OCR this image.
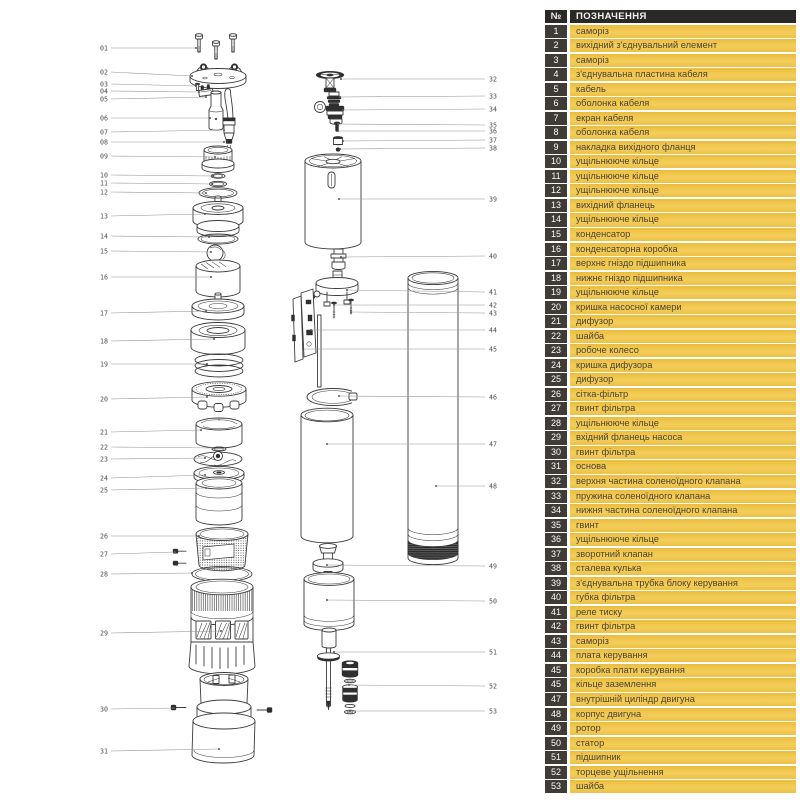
01
02
03
04
05
06
07
08
09
10
11
12
13
14
15
16
17
18
19
20
21
22
23
24
25
26
27
28
29
30
31
32
33
34
35
36
37
38
39
40
41
42
43
44
45
46
47
48
49
50
51
52
53
№	ПОЗНАЧЕННЯ
1	саморіз
2	вихідний з'єднувальний елемент
3	саморіз
4	з'єднувальна пластина кабеля
5	кабель
6	оболонка кабеля
7	екран кабеля
8	оболонка кабеля
9	накладка вихідного фланця
10	ущільнююче кільце
11	ущільнююче кільце
12	ущільнююче кільце
13	вихідний фланець
14	ущільнююче кільце
15	конденсатор
16	конденсаторна коробка
17	верхнє гніздо підшипника
18	нижнє гніздо підшипника
19	ущільнююче кільце
20	кришка насосної камери
21	дифузор
22	шайба
23	робоче колесо
24	кришка дифузора
25	дифузор
26	сітка-фільтр
27	гвинт фільтра
28	ущільнююче кільце
29	вхідний фланець насоса
30	гвинт фільтра
31	основа
32	верхня частина соленоїдного клапана
33	пружина соленоїдного клапана
34	нижня частина соленоїдного клапана
35	гвинт
36	ущільнююче кільце
37	зворотний клапан
38	сталева кулька
39	з'єднувальна трубка блоку керування
40	губка фільтра
41	реле тиску
42	гвинт фільтра
43	саморіз
44	плата керування
45	коробка плати керування
45	кільце заземлення
47	внутрішній циліндр двигуна
48	корпус двигуна
49	ротор
50	статор
51	підшипник
52	торцеве ущільнення
53	шайба
